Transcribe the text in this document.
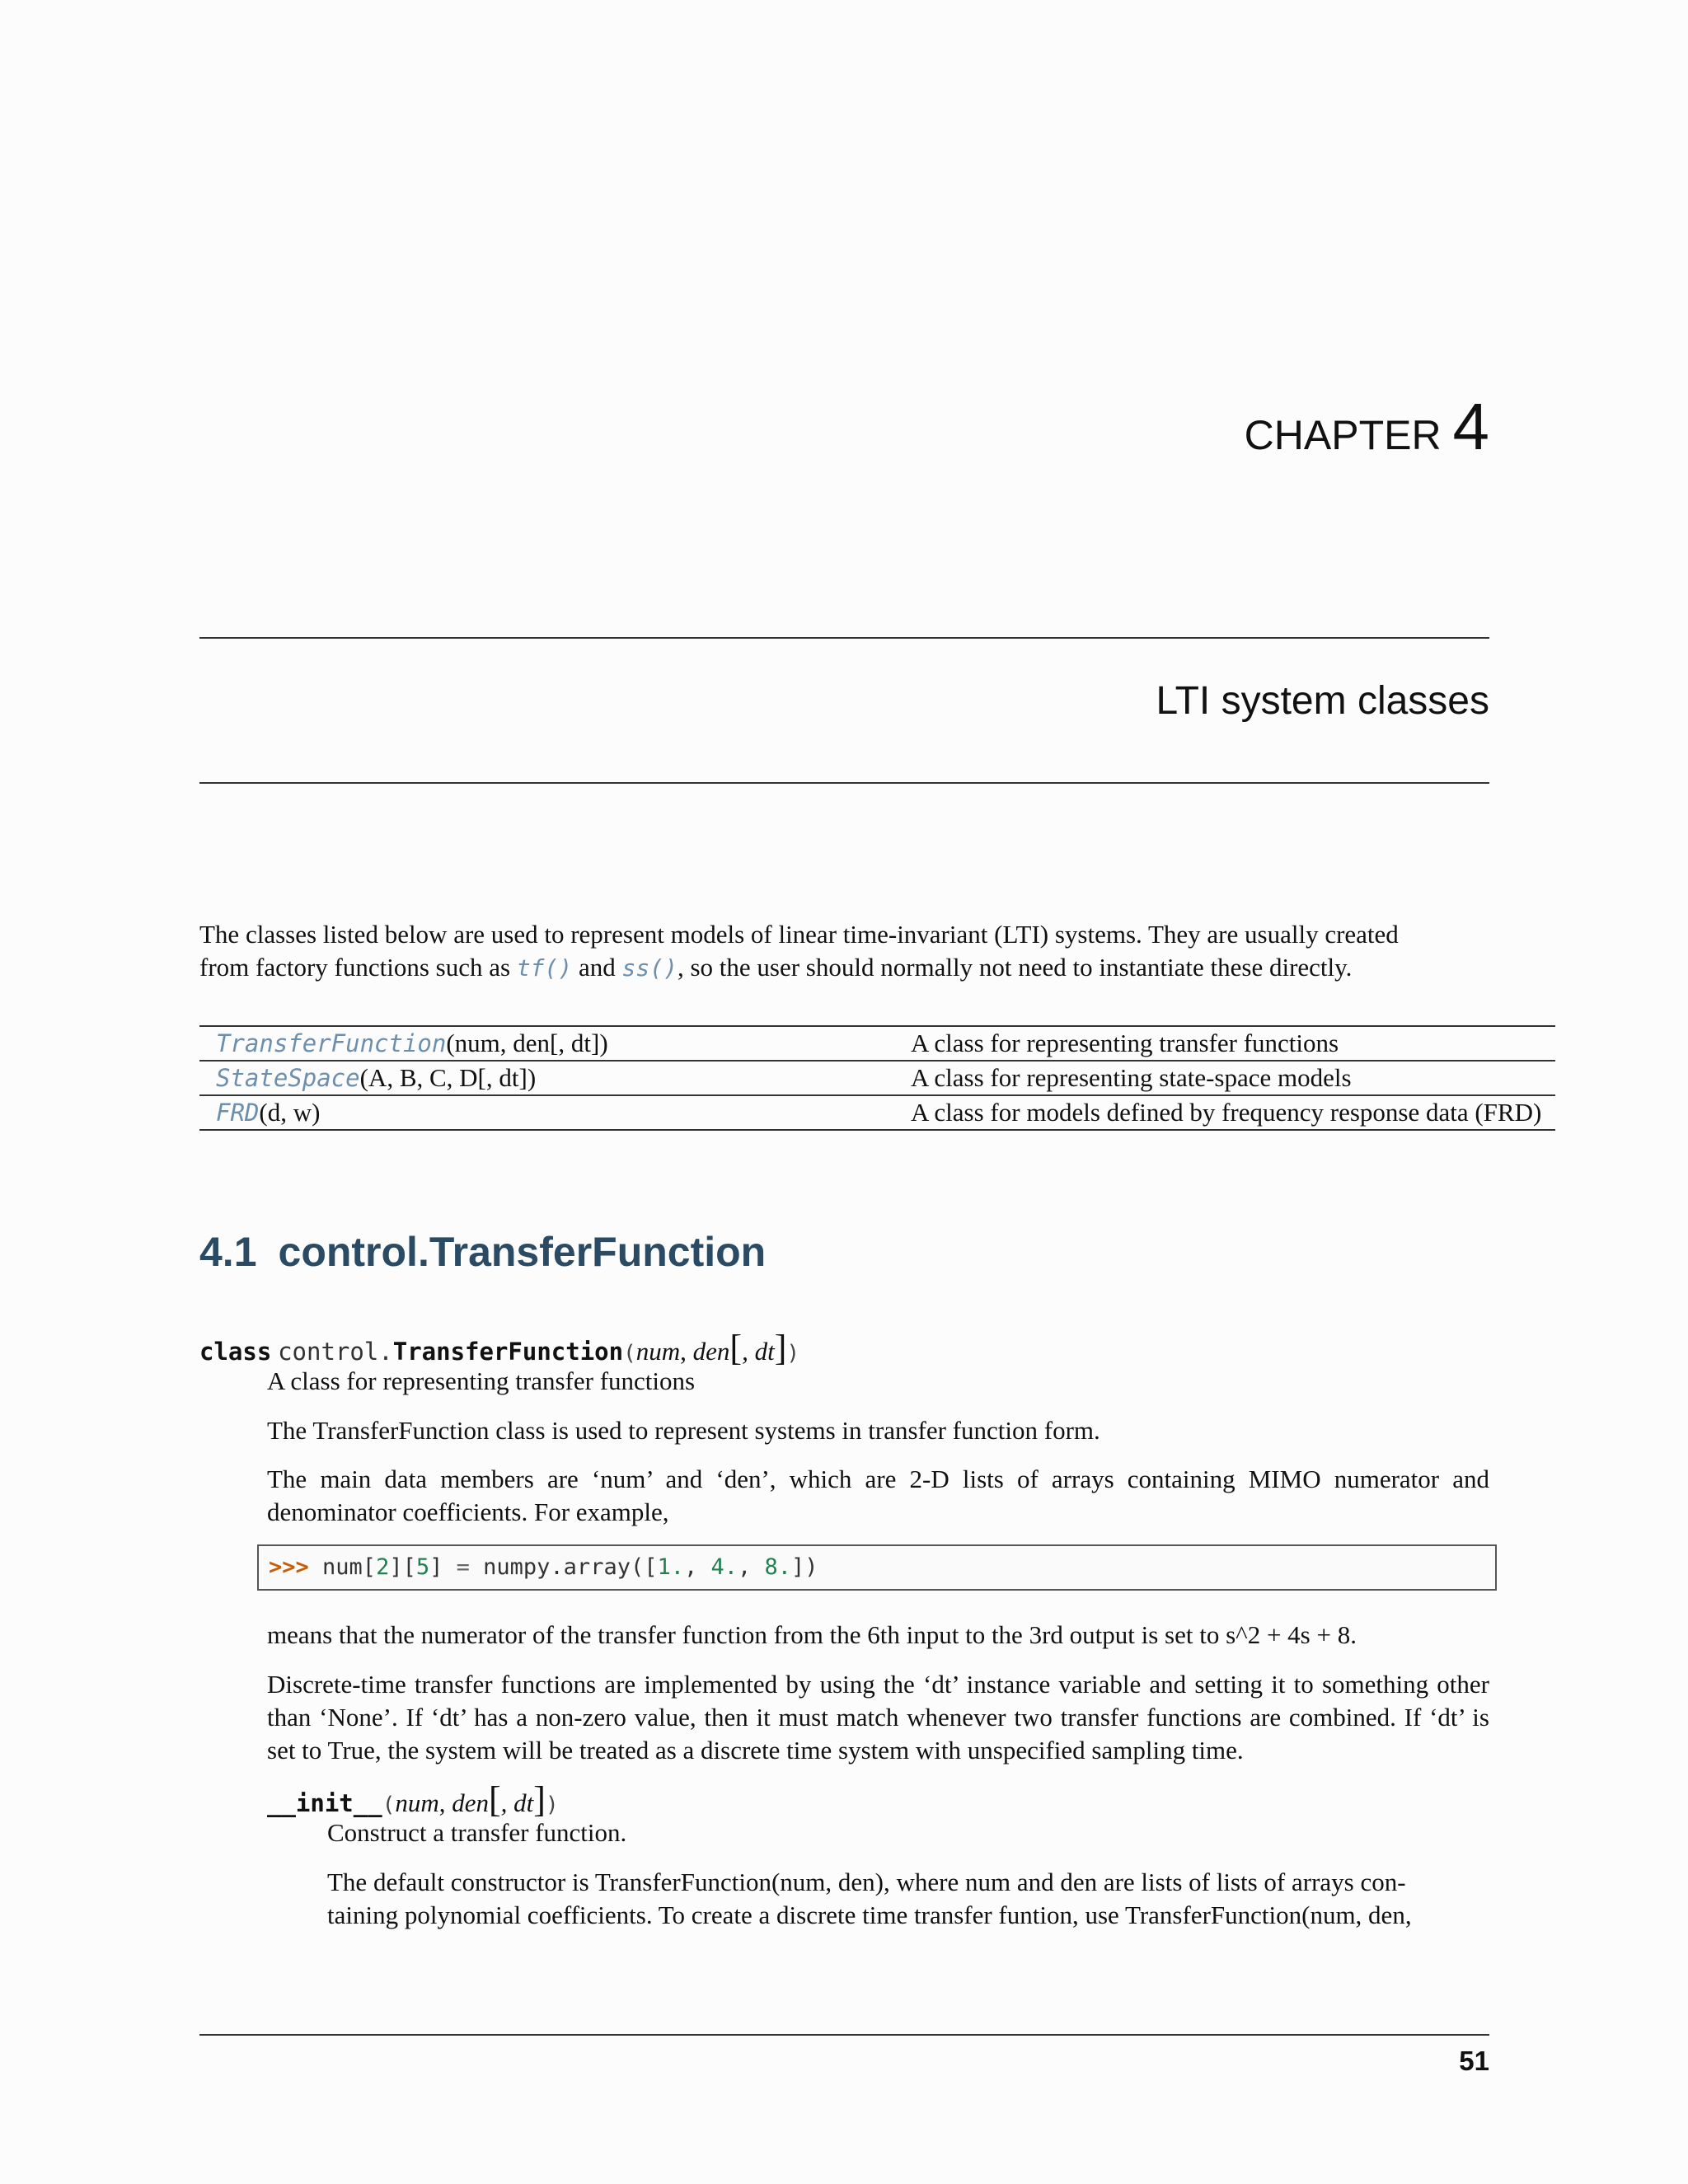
CHAPTER 4
LTI system classes
The classes listed below are used to represent models of linear time-invariant (LTI) systems. They are usually created
from factory functions such as tf() and ss(), so the user should normally not need to instantiate these directly.
TransferFunction(num, den[, dt])	A class for representing transfer functions
StateSpace(A, B, C, D[, dt])	A class for representing state-space models
FRD(d, w)	A class for models defined by frequency response data (FRD)
4.1 control.TransferFunction
class control.TransferFunction(num, den[, dt])
A class for representing transfer functions
The TransferFunction class is used to represent systems in transfer function form.
The main data members are ‘num’ and ‘den’, which are 2-D lists of arrays containing MIMO numerator and denominator coefficients. For example,
>>> num[2][5] = numpy.array([1., 4., 8.])
means that the numerator of the transfer function from the 6th input to the 3rd output is set to s^2 + 4s + 8.
Discrete-time transfer functions are implemented by using the ‘dt’ instance variable and setting it to something other than ‘None’. If ‘dt’ has a non-zero value, then it must match whenever two transfer functions are combined. If ‘dt’ is set to True, the system will be treated as a discrete time system with unspecified sampling time.
__init__(num, den[, dt])
Construct a transfer function.
The default constructor is TransferFunction(num, den), where num and den are lists of lists of arrays con-
taining polynomial coefficients. To create a discrete time transfer funtion, use TransferFunction(num, den,
51
